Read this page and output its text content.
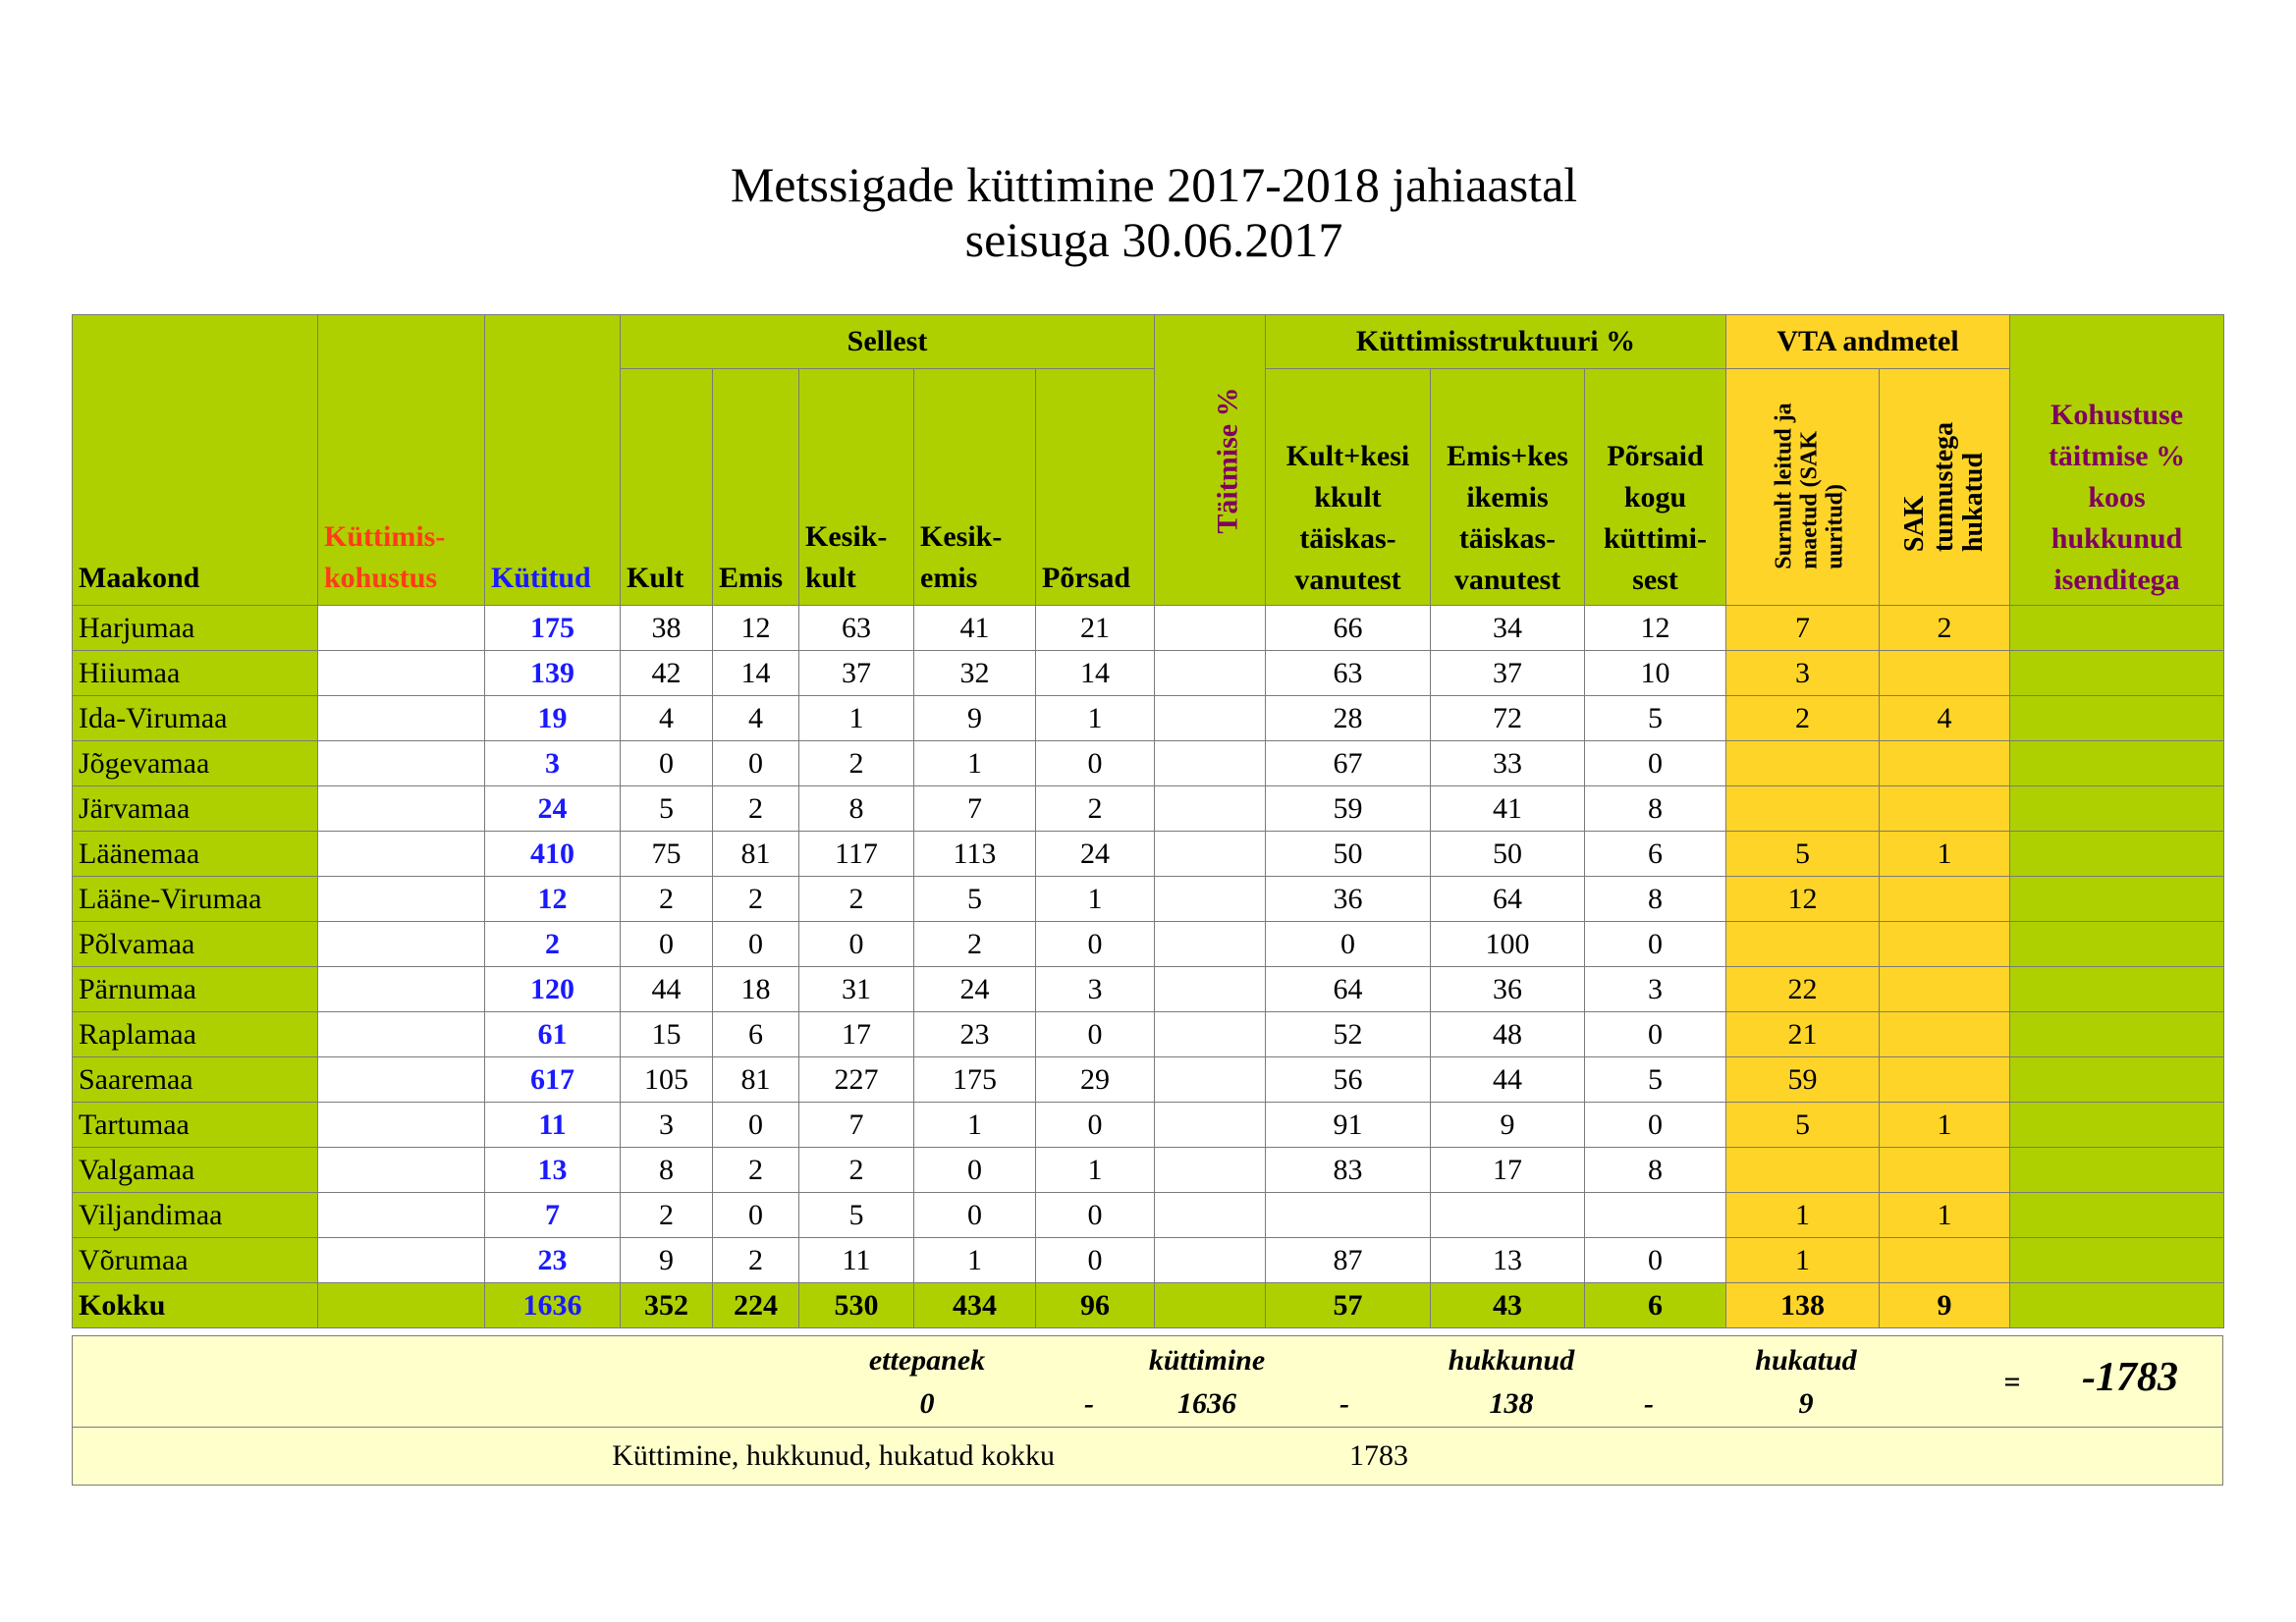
Metssigade küttimine 2017-2018 jahiaastal
seisuga 30.06.2017
Maakond	Küttimis-
kohustus	Kütitud	Sellest					Täitmise %	Küttimisstruktuuri %			VTA andmetel		Kohustuse
täitmise %
koos
hukkunud
isenditega
			Kult	Emis	Kesik-
kult	Kesik-
emis	Põrsad		Kult+kesi
kkult
täiskas-
vanutest	Emis+kes
ikemis
täiskas-
vanutest	Põrsaid
kogu
küttimi-
sest	Surnult leitud ja
maetud (SAK
uuritud)	SAK
tunnustega
hukatud	
Harjumaa		175	38	12	63	41	21		66	34	12	7	2	
Hiiumaa		139	42	14	37	32	14		63	37	10	3		
Ida-Virumaa		19	4	4	1	9	1		28	72	5	2	4	
Jõgevamaa		3	0	0	2	1	0		67	33	0			
Järvamaa		24	5	2	8	7	2		59	41	8			
Läänemaa		410	75	81	117	113	24		50	50	6	5	1	
Lääne-Virumaa		12	2	2	2	5	1		36	64	8	12		
Põlvamaa		2	0	0	0	2	0		0	100	0			
Pärnumaa		120	44	18	31	24	3		64	36	3	22		
Raplamaa		61	15	6	17	23	0		52	48	0	21		
Saaremaa		617	105	81	227	175	29		56	44	5	59		
Tartumaa		11	3	0	7	1	0		91	9	0	5	1	
Valgamaa		13	8	2	2	0	1		83	17	8			
Viljandimaa		7	2	0	5	0	0					1	1	
Võrumaa		23	9	2	11	1	0		87	13	0	1		
Kokku		1636	352	224	530	434	96		57	43	6	138	9	
ettepanek
0	-
küttimine
1636	-
hukkunud
138	-
hukatud
9
=	-1783

Küttimine, hukkunud, hukatud kokku	1783
